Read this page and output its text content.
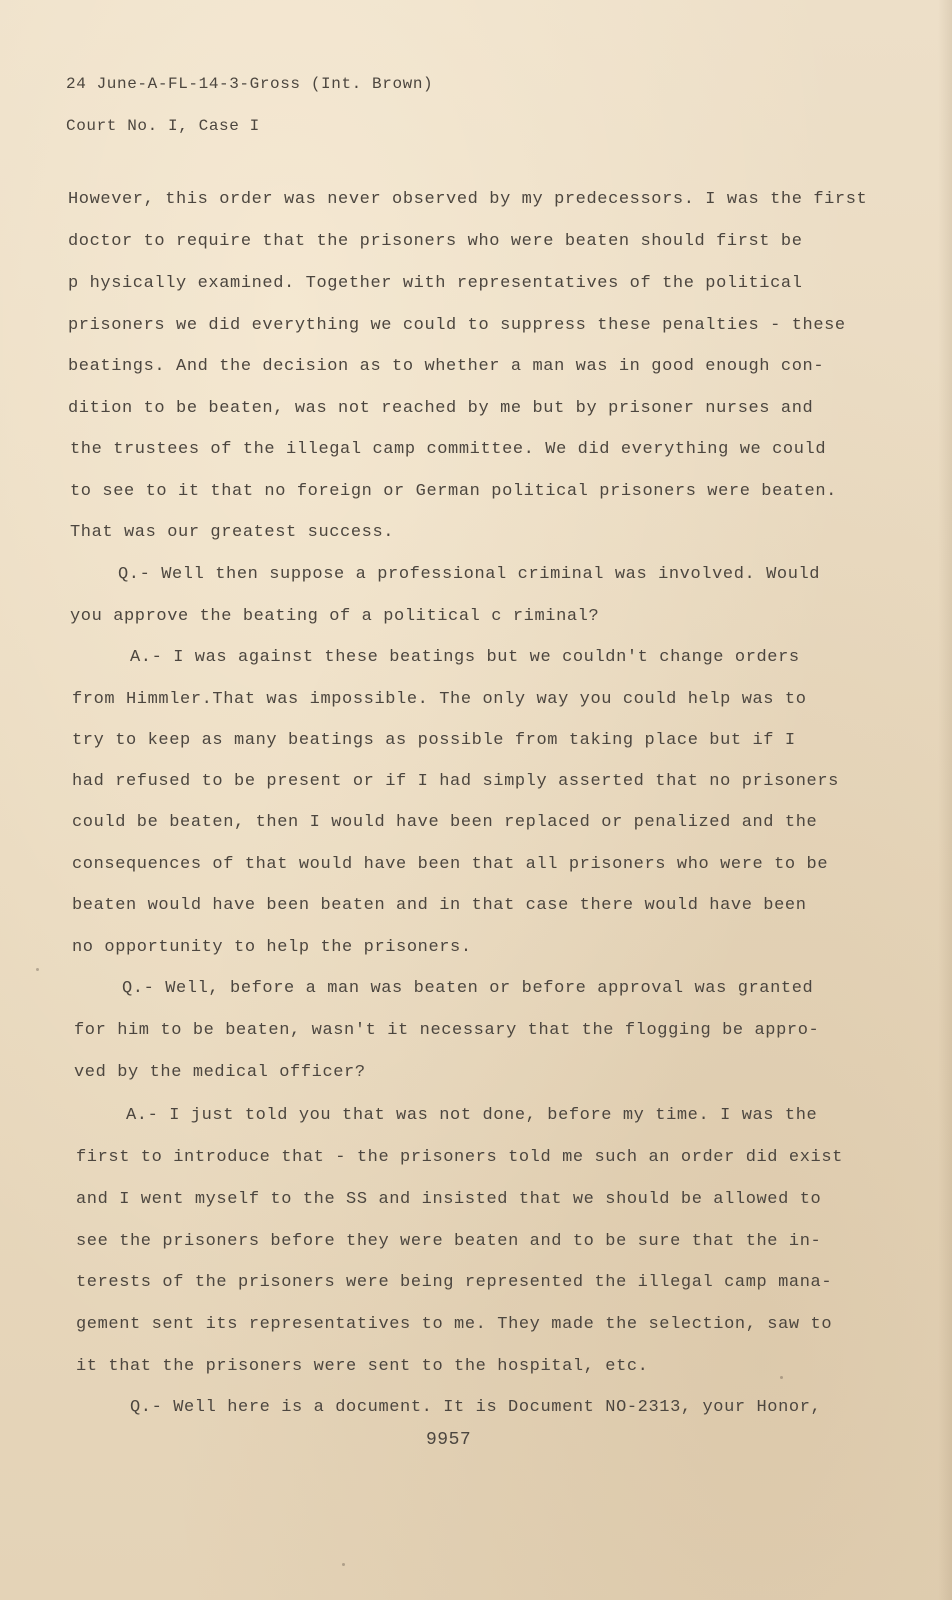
24 June-A-FL-14-3-Gross (Int. Brown)
Court No. I, Case I
However, this order was never observed by my predecessors. I was the first
doctor to require that the prisoners who were beaten should first be
p hysically examined. Together with representatives of the political
prisoners we did everything we could to suppress these penalties - these
beatings. And the decision as to whether a man was in good enough con-
dition to be beaten, was not reached by me but by prisoner nurses and
the trustees of the illegal camp committee. We did everything we could
to see to it that no foreign or German political prisoners were beaten.
That was our greatest success.
Q.- Well then suppose a professional criminal was involved. Would
you approve the beating of a political c riminal?
A.- I was against these beatings but we couldn't change orders
from Himmler.That was impossible. The only way you could help was to
try to keep as many beatings as possible from taking place but if I
had refused to be present or if I had simply asserted that no prisoners
could be beaten, then I would have been replaced or penalized and the
consequences of that would have been that all prisoners who were to be
beaten would have been beaten and in that case there would have been
no opportunity to help the prisoners.
Q.- Well, before a man was beaten or before approval was granted
for him to be beaten, wasn't it necessary that the flogging be appro-
ved by the medical officer?
A.- I just told you that was not done, before my time. I was the
first to introduce that - the prisoners told me such an order did exist
and I went myself to the SS and insisted that we should be allowed to
see the prisoners before they were beaten and to be sure that the in-
terests of the prisoners were being represented the illegal camp mana-
gement sent its representatives to me. They made the selection, saw to
it that the prisoners were sent to the hospital, etc.
Q.- Well here is a document. It is Document NO-2313, your Honor,
9957
